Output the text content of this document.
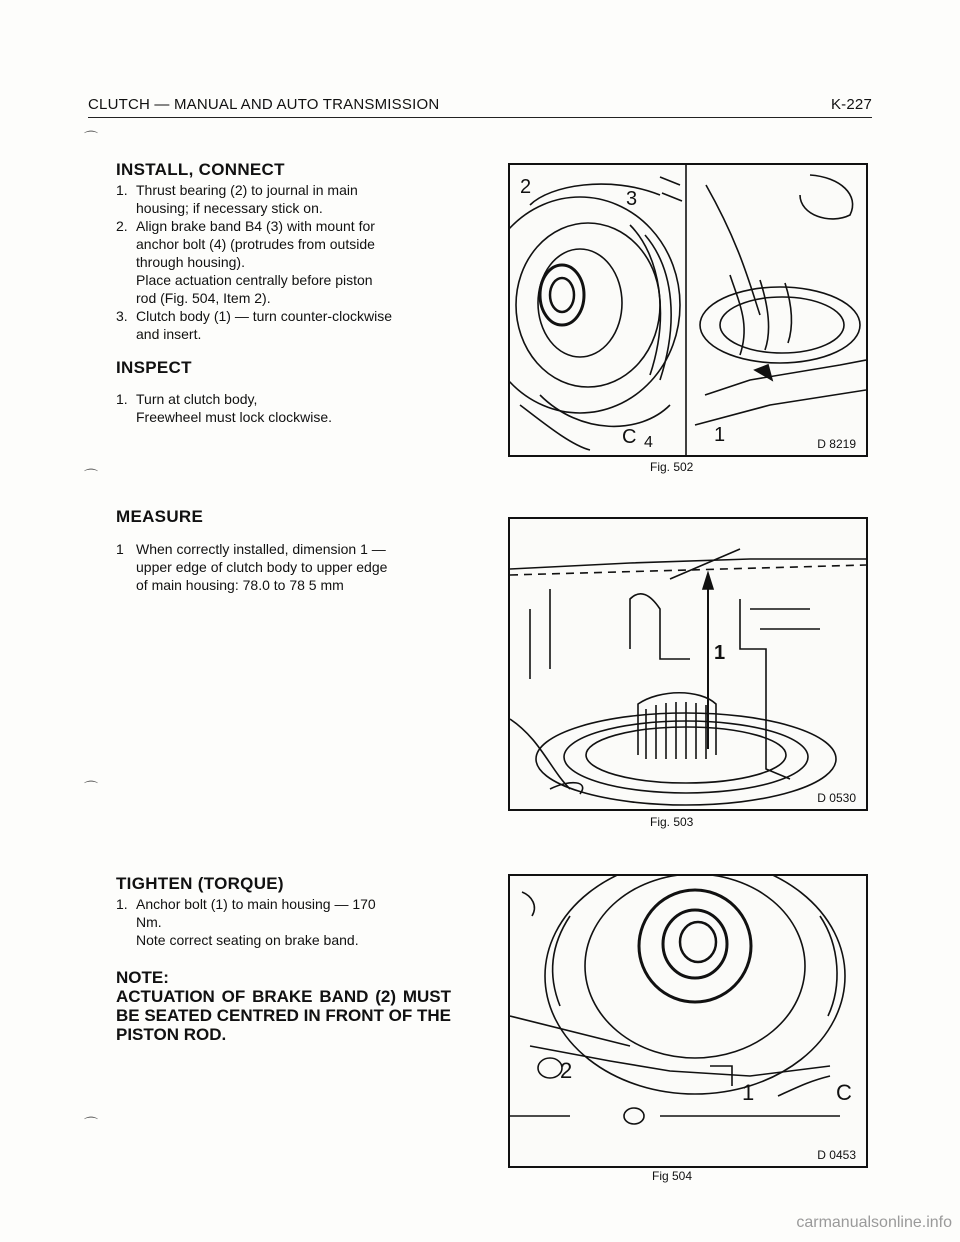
CLUTCH — MANUAL AND AUTO TRANSMISSION	K-227
⌒
⌒
⌒
⌒
INSTALL, CONNECT
1. Thrust bearing (2) to journal in main
housing; if necessary stick on.
2. Align brake band B4 (3) with mount for
anchor bolt (4) (protrudes from outside
through housing).
Place actuation centrally before piston
rod (Fig. 504, Item 2).
3. Clutch body (1) — turn counter-clockwise
and insert.
INSPECT
1. Turn at clutch body,
Freewheel must lock clockwise.
MEASURE
1 When correctly installed, dimension 1 —
upper edge of clutch body to upper edge
of main housing: 78.0 to 78 5 mm
TIGHTEN (TORQUE)
1. Anchor bolt (1) to main housing — 170
Nm.
Note correct seating on brake band.
NOTE:
ACTUATION OF BRAKE BAND (2) MUST BE SEATED CENTRED IN FRONT OF THE PISTON ROD.
2
3
C 4	1	D 8219
Fig. 502
1
D 0530
Fig. 503
2
1	C
D 0453
Fig 504
carmanualsonline.info
